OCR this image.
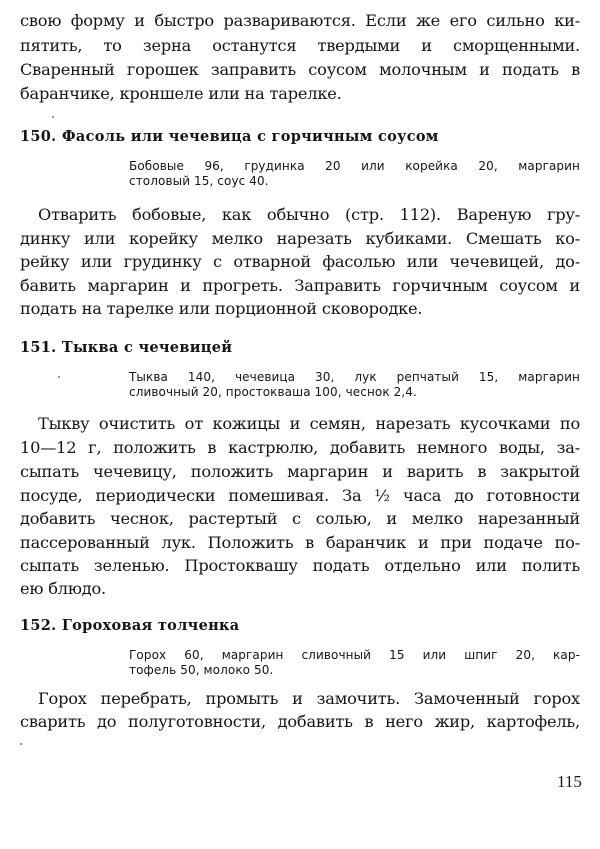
свою форму и быстро развариваются. Если же его сильно ки-
пятить, то зерна останутся твердыми и сморщенными.
Сваренный горошек заправить соусом молочным и подать в
баранчике, кроншеле или на тарелке.
150. Фасоль или чечевица с горчичным соусом
Бобовые 96, грудинка 20 или корейка 20, маргарин
столовый 15, соус 40.
Отварить бобовые, как обычно (стр. 112). Вареную гру-
динку или корейку мелко нарезать кубиками. Смешать ко-
рейку или грудинку с отварной фасолью или чечевицей, до-
бавить маргарин и прогреть. Заправить горчичным соусом и
подать на тарелке или порционной сковородке.
151. Тыква с чечевицей
Тыква 140, чечевица 30, лук репчатый 15, маргарин
сливочный 20, простокваша 100, чеснок 2,4.
Тыкву очистить от кожицы и семян, нарезать кусочками по
10—12 г, положить в кастрюлю, добавить немного воды, за-
сыпать чечевицу, положить маргарин и варить в закрытой
посуде, периодически помешивая. За ½ часа до готовности
добавить чеснок, растертый с солью, и мелко нарезанный
пассерованный лук. Положить в баранчик и при подаче по-
сыпать зеленью. Простоквашу подать отдельно или полить
ею блюдо.
152. Гороховая толченка
Горох 60, маргарин сливочный 15 или шпиг 20, кар-
тофель 50, молоко 50.
Горох перебрать, промыть и замочить. Замоченный горох
сварить до полуготовности, добавить в него жир, картофель,
115
